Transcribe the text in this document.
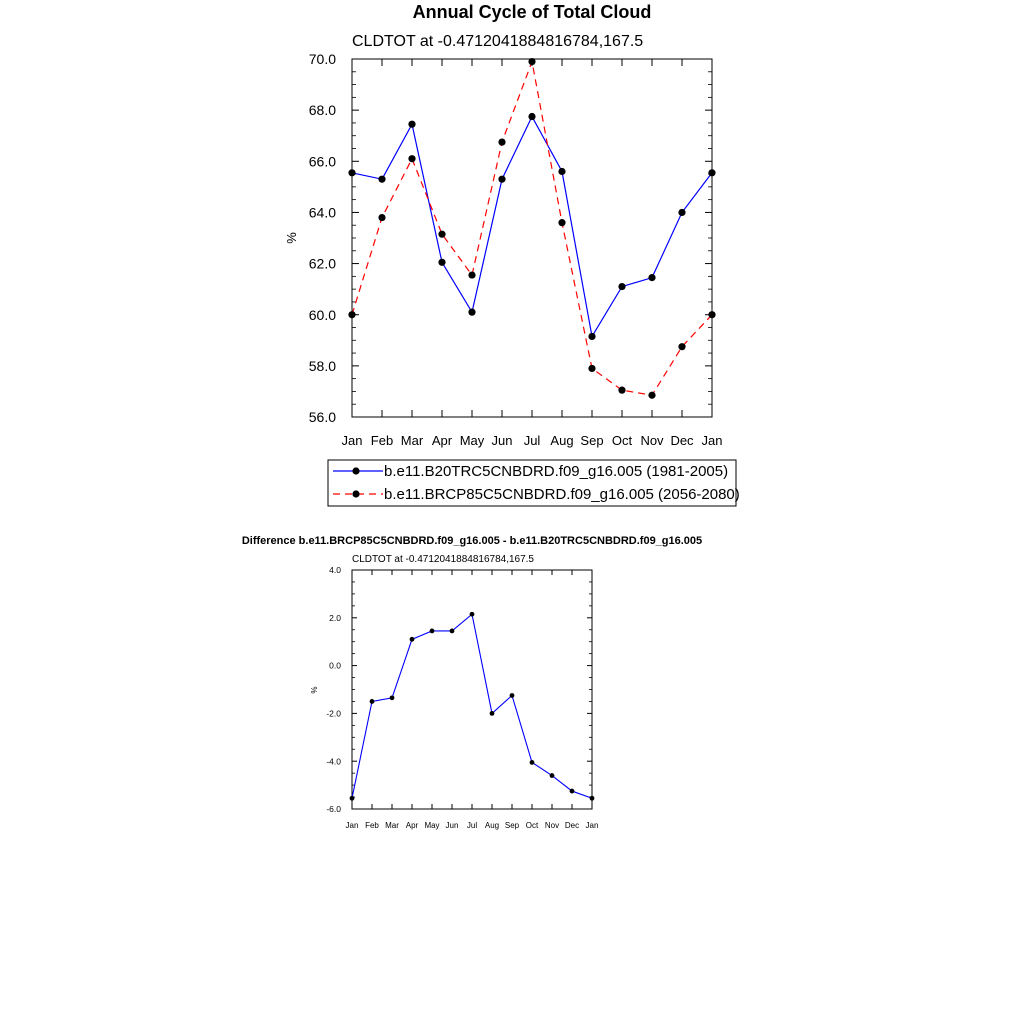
Annual Cycle of Total Cloud
CLDTOT at -0.4712041884816784,167.5
%
56.0
58.0
60.0
62.0
64.0
66.0
68.0
70.0
Jan Feb Mar Apr May Jun Jul Aug Sep Oct Nov Dec Jan
b.e11.B20TRC5CNBDRD.f09_g16.005 (1981-2005)
b.e11.BRCP85C5CNBDRD.f09_g16.005 (2056-2080)
Difference b.e11.BRCP85C5CNBDRD.f09_g16.005 - b.e11.B20TRC5CNBDRD.f09_g16.005
CLDTOT at -0.4712041884816784,167.5
%
-6.0
-4.0
-2.0
0.0
2.0
4.0
Jan Feb Mar Apr May Jun Jul Aug Sep Oct Nov Dec Jan
